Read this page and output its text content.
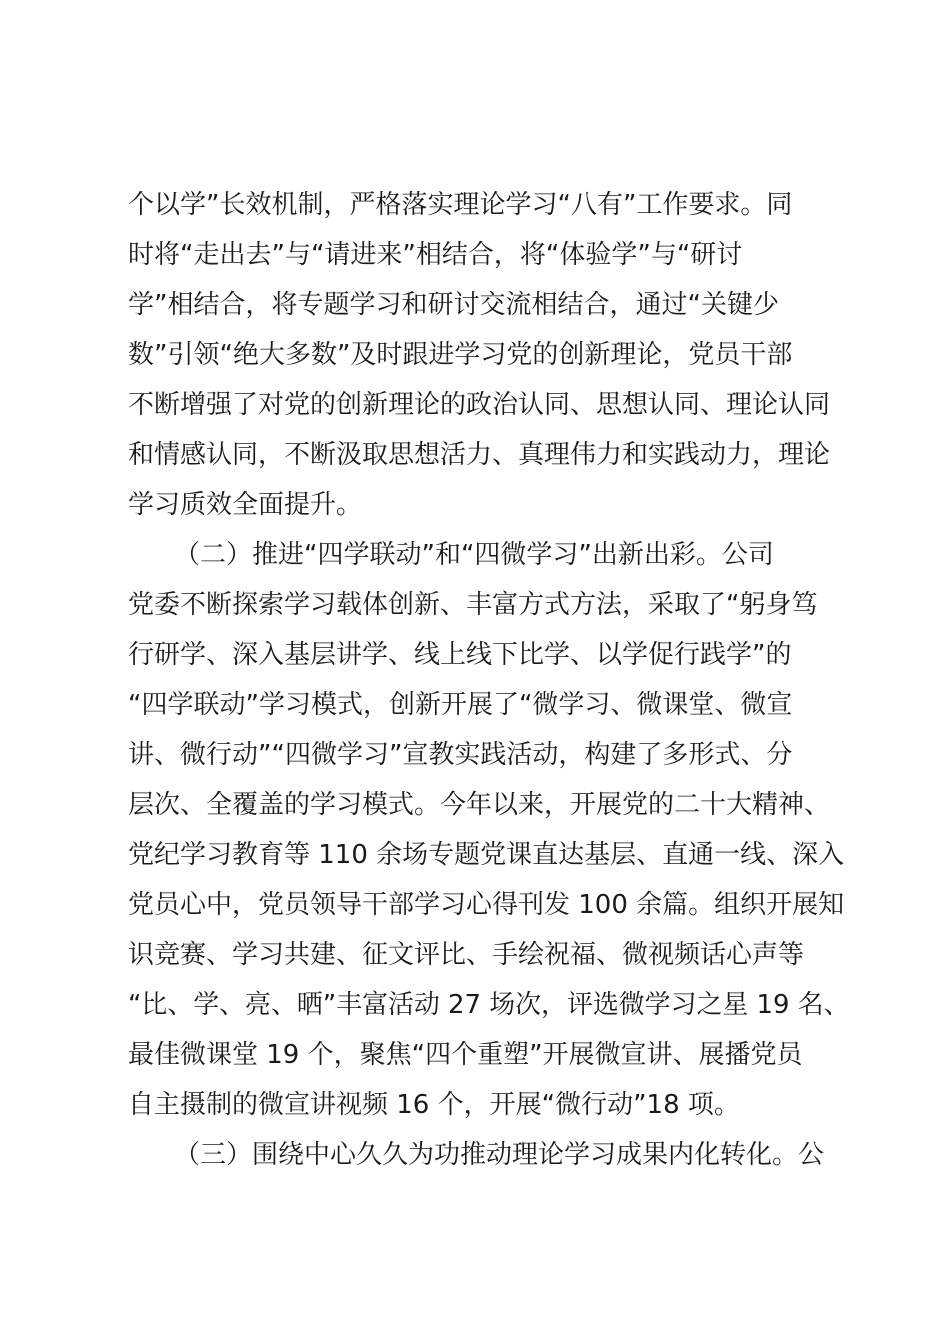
个以学”长效机制，严格落实理论学习“八有”工作要求。同

时将“走出去”与“请进来”相结合，将“体验学”与“研讨

学”相结合，将专题学习和研讨交流相结合，通过“关键少

数”引领“绝大多数”及时跟进学习党的创新理论，党员干部

不断增强了对党的创新理论的政治认同、思想认同、理论认同

和情感认同，不断汲取思想活力、真理伟力和实践动力，理论

学习质效全面提升。

（二）推进“四学联动”和“四微学习”出新出彩。公司

党委不断探索学习载体创新、丰富方式方法，采取了“躬身笃

行研学、深入基层讲学、线上线下比学、以学促行践学”的

“四学联动”学习模式，创新开展了“微学习、微课堂、微宣

讲、微行动”“四微学习”宣教实践活动，构建了多形式、分

层次、全覆盖的学习模式。今年以来，开展党的二十大精神、

党纪学习教育等 110 余场专题党课直达基层、直通一线、深入

党员心中，党员领导干部学习心得刊发 100 余篇。组织开展知

识竞赛、学习共建、征文评比、手绘祝福、微视频话心声等

“比、学、亮、晒”丰富活动 27 场次，评选微学习之星 19 名、

最佳微课堂 19 个，聚焦“四个重塑”开展微宣讲、展播党员

自主摄制的微宣讲视频 16 个，开展“微行动”18 项。

（三）围绕中心久久为功推动理论学习成果内化转化。公
